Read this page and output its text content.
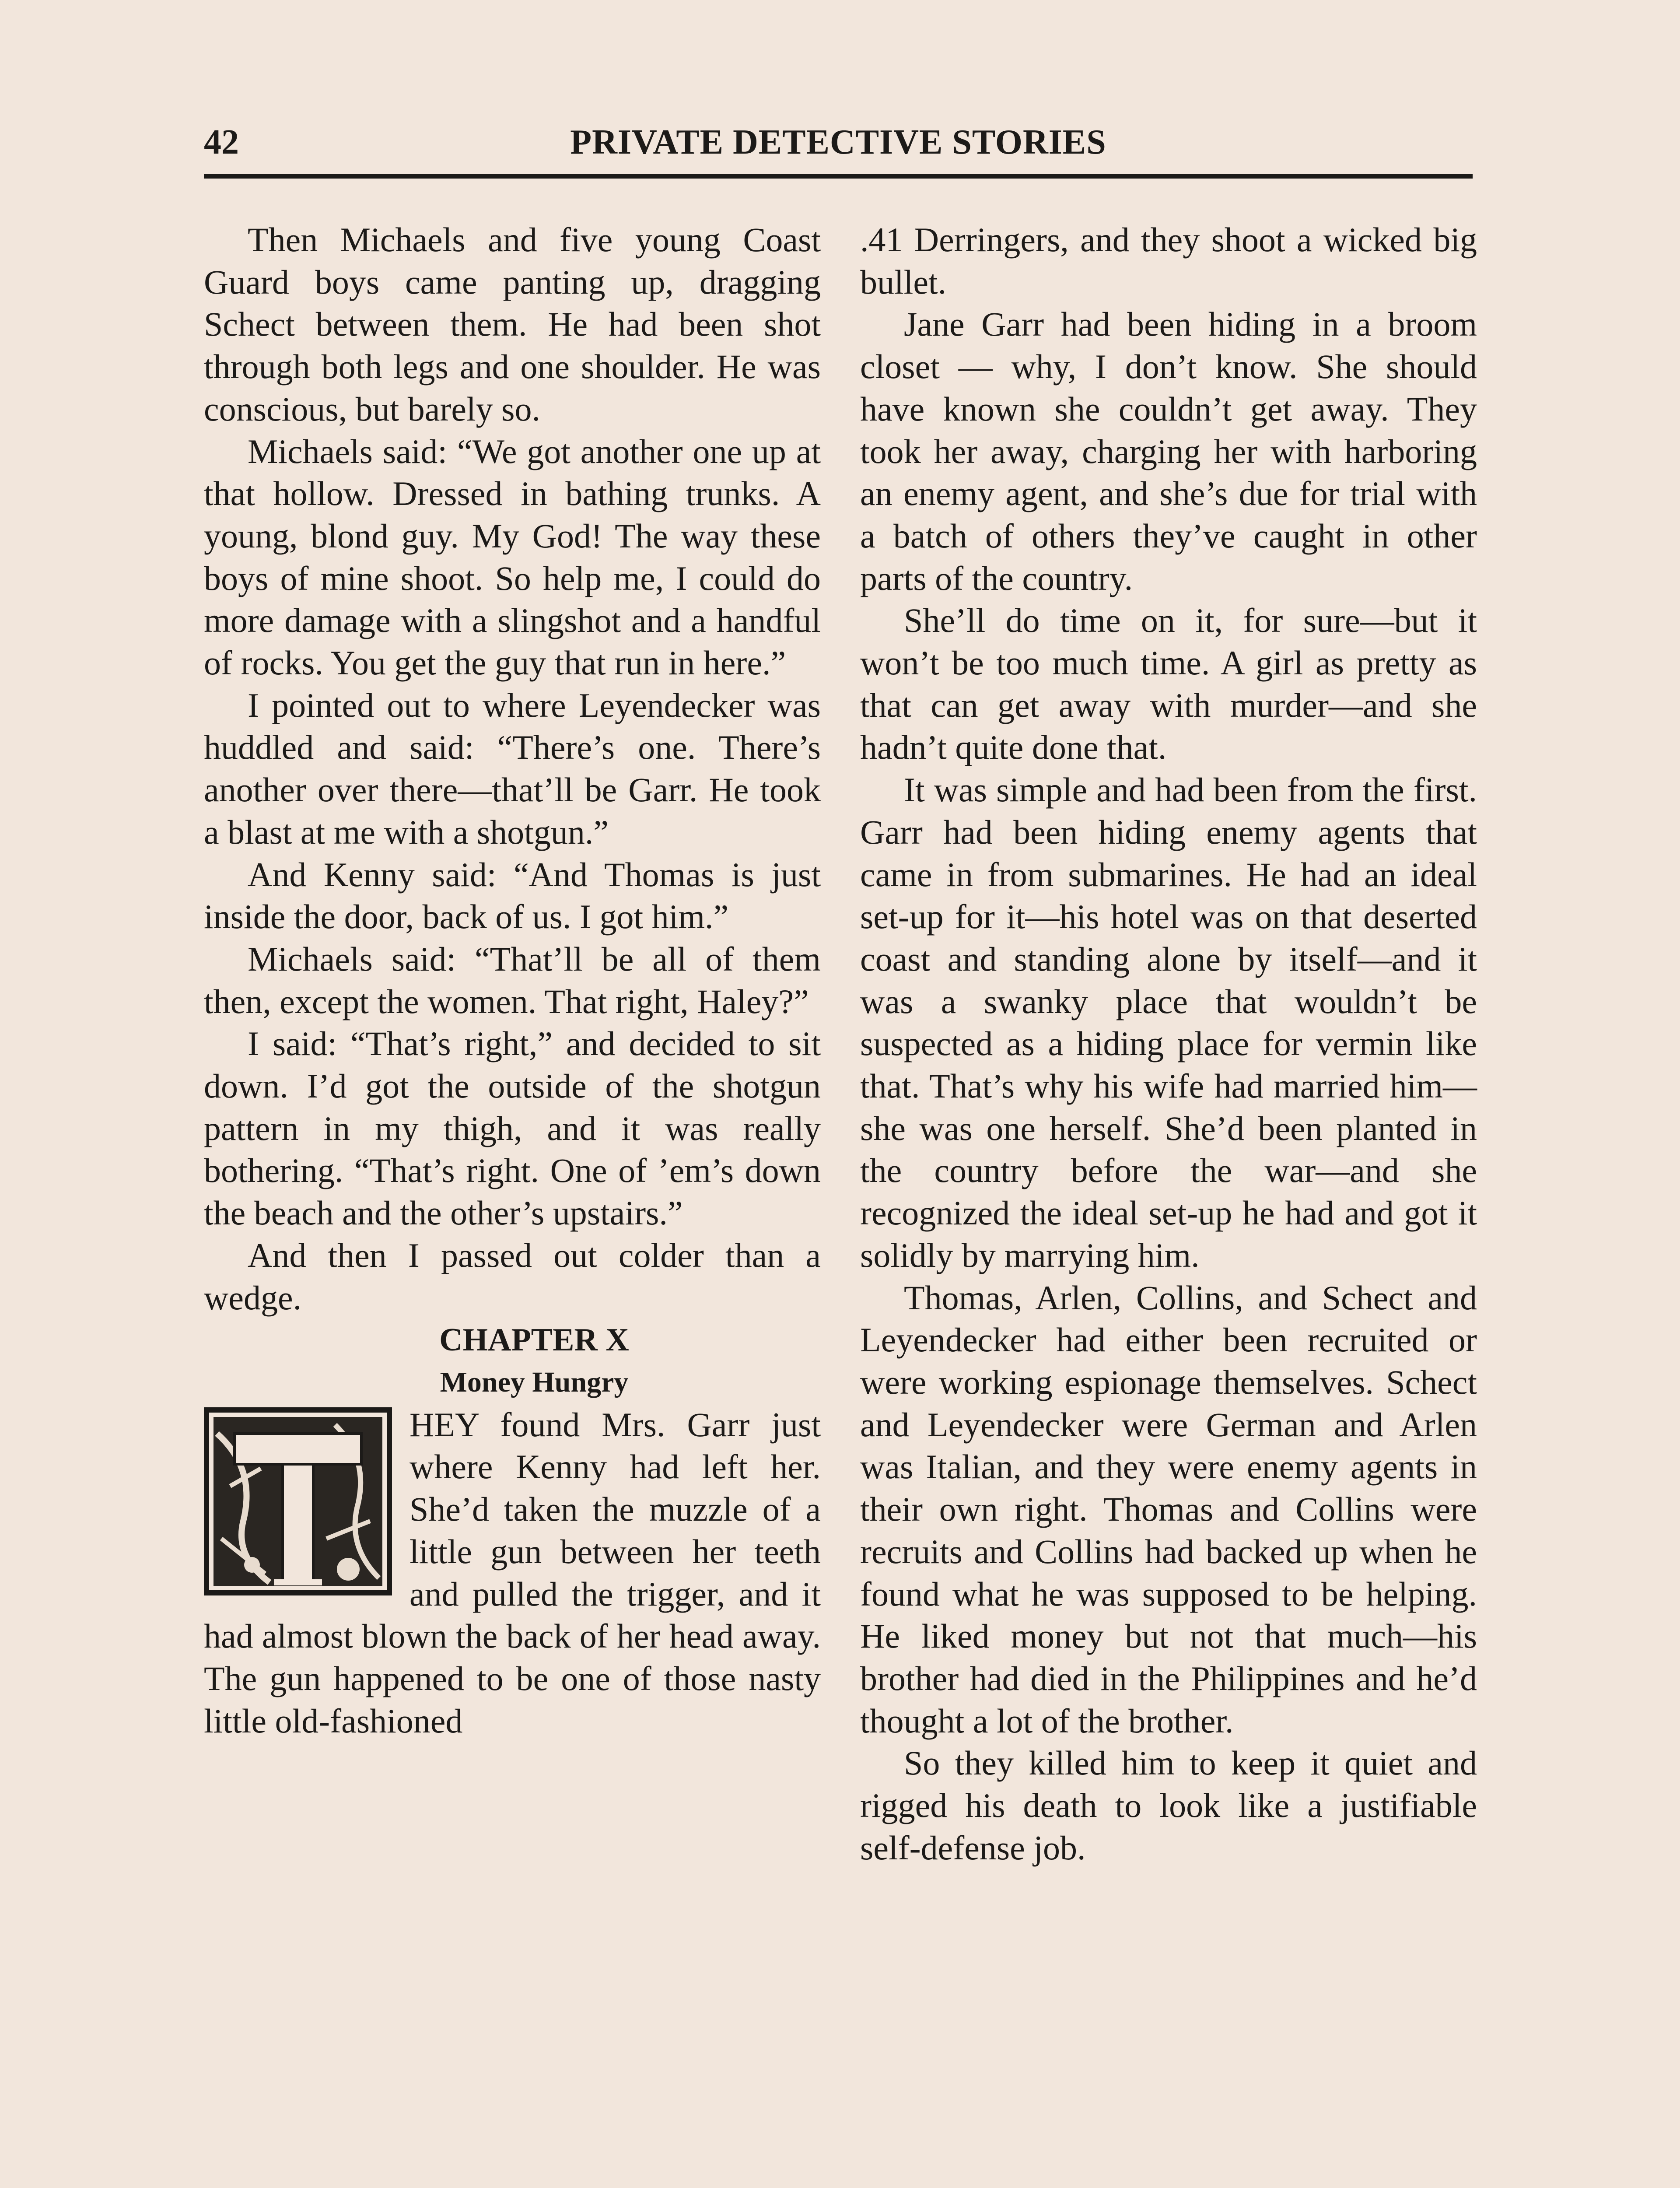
42	PRIVATE DETECTIVE STORIES

Then Michaels and five young Coast Guard boys came panting up, dragging Schect between them. He had been shot through both legs and one shoulder. He was conscious, but barely so.

Michaels said: “We got another one up at that hollow. Dressed in bathing trunks. A young, blond guy. My God! The way these boys of mine shoot. So help me, I could do more damage with a slingshot and a handful of rocks. You get the guy that run in here.”

I pointed out to where Leyendecker was huddled and said: “There’s one. There’s another over there—that’ll be Garr. He took a blast at me with a shotgun.”

And Kenny said: “And Thomas is just inside the door, back of us. I got him.”

Michaels said: “That’ll be all of them then, except the women. That right, Haley?”

I said: “That’s right,” and decided to sit down. I’d got the outside of the shotgun pattern in my thigh, and it was really bothering. “That’s right. One of ’em’s down the beach and the other’s upstairs.”

And then I passed out colder than a wedge.

CHAPTER X

Money Hungry

HEY found Mrs. Garr just where Kenny had left her. She’d taken the muzzle of a little gun between her teeth and pulled the trigger, and it had almost blown the back of her head away. The gun happened to be one of those nasty little old-fashioned

.41 Derringers, and they shoot a wicked big bullet.

Jane Garr had been hiding in a broom closet — why, I don’t know. She should have known she couldn’t get away. They took her away, charging her with harboring an enemy agent, and she’s due for trial with a batch of others they’ve caught in other parts of the country.

She’ll do time on it, for sure—but it won’t be too much time. A girl as pretty as that can get away with murder—and she hadn’t quite done that.

It was simple and had been from the first. Garr had been hiding enemy agents that came in from submarines. He had an ideal set-up for it—his hotel was on that deserted coast and standing alone by itself—and it was a swanky place that wouldn’t be suspected as a hiding place for vermin like that. That’s why his wife had married him—she was one herself. She’d been planted in the country before the war—and she recognized the ideal set-up he had and got it solidly by marrying him.

Thomas, Arlen, Collins, and Schect and Leyendecker had either been recruited or were working espionage themselves. Schect and Leyendecker were German and Arlen was Italian, and they were enemy agents in their own right. Thomas and Collins were recruits and Collins had backed up when he found what he was supposed to be helping. He liked money but not that much—his brother had died in the Philippines and he’d thought a lot of the brother.

So they killed him to keep it quiet and rigged his death to look like a justifiable self-defense job.
